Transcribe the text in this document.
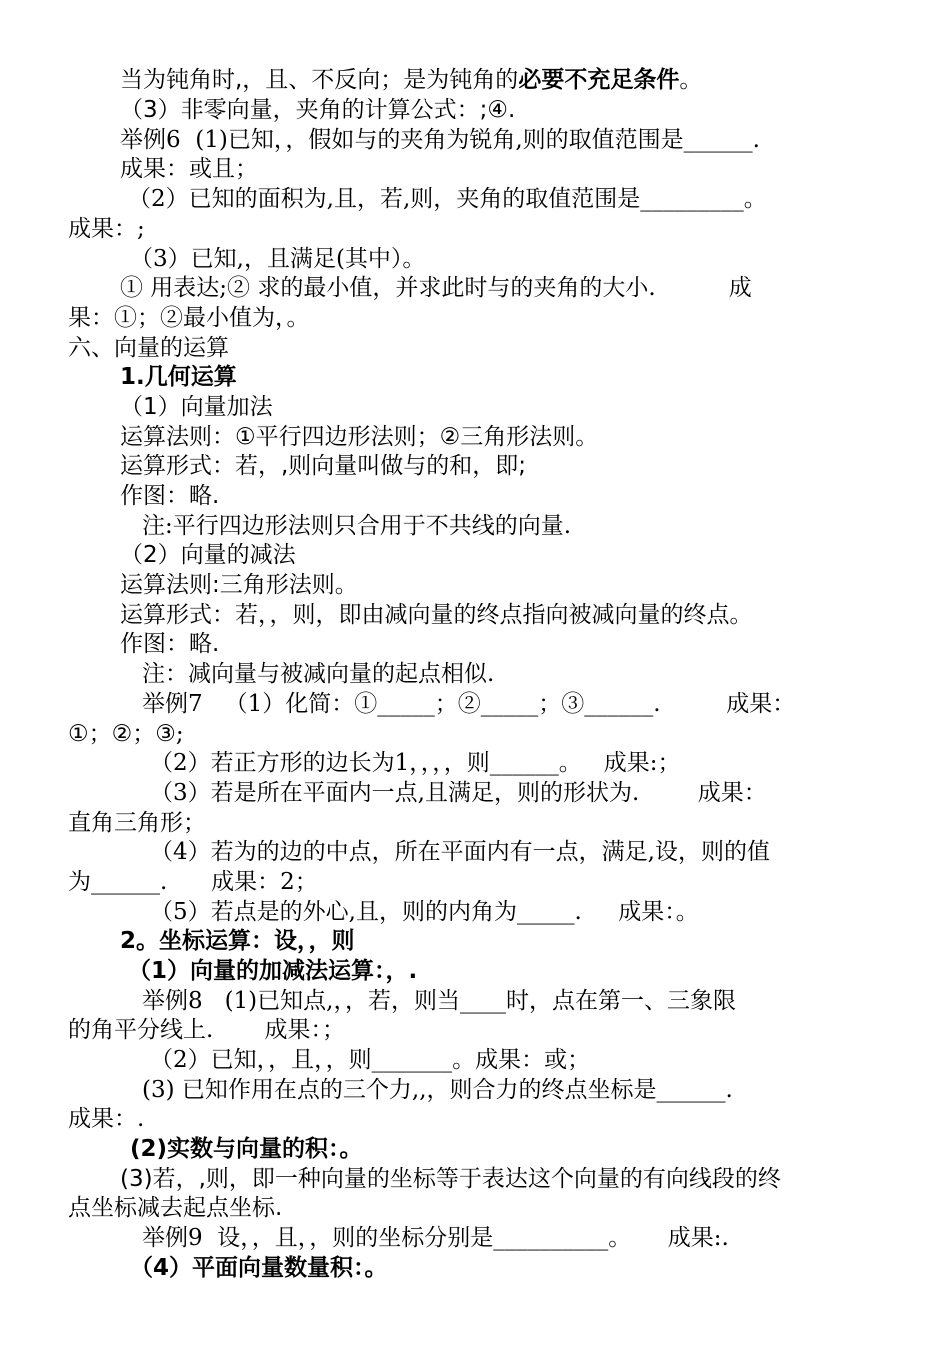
当为钝角时,，且、不反向；是为钝角的必要不充足条件。
（3）非零向量，夹角的计算公式：;④.
举例6  (1)已知，，假如与的夹角为锐角,则的取值范围是______.
成果：或且；
（2）已知的面积为,且，若,则，夹角的取值范围是_________。
成果：;
（3）已知,，且满足(其中）。
① 用表达;② 求的最小值，并求此时与的夹角的大小.          成
果：①；②最小值为，。
六、向量的运算
1.几何运算
（1）向量加法
运算法则：①平行四边形法则；②三角形法则。
运算形式：若，,则向量叫做与的和，即;
作图：略.
注:平行四边形法则只合用于不共线的向量.
（2）向量的减法
运算法则:三角形法则。
运算形式：若，，则，即由减向量的终点指向被减向量的终点。
作图：略.
注：减向量与被减向量的起点相似.
举例7   （1）化简：①_____；②_____；③______.         成果：
①；②；③;
（2）若正方形的边长为1，，，，则______。   成果:；
（3）若是所在平面内一点,且满足，则的形状为.        成果：
直角三角形；
（4）若为的边的中点，所在平面内有一点，满足,设，则的值
为______.      成果：2；
（5）若点是的外心,且，则的内角为_____.     成果：。
2。坐标运算：设，，则
（1）向量的加减法运算：，.
举例8   (1)已知点,，，若，则当____时，点在第一、三象限
的角平分线上.       成果：；
（2）已知，，且，，则_______。成果：或；
(3) 已知作用在点的三个力,,，则合力的终点坐标是______.
成果：.
(2)实数与向量的积：。
(3)若，,则，即一种向量的坐标等于表达这个向量的有向线段的终
点坐标减去起点坐标.
举例9  设，，且，，则的坐标分别是__________。     成果:.
（4）平面向量数量积：。
